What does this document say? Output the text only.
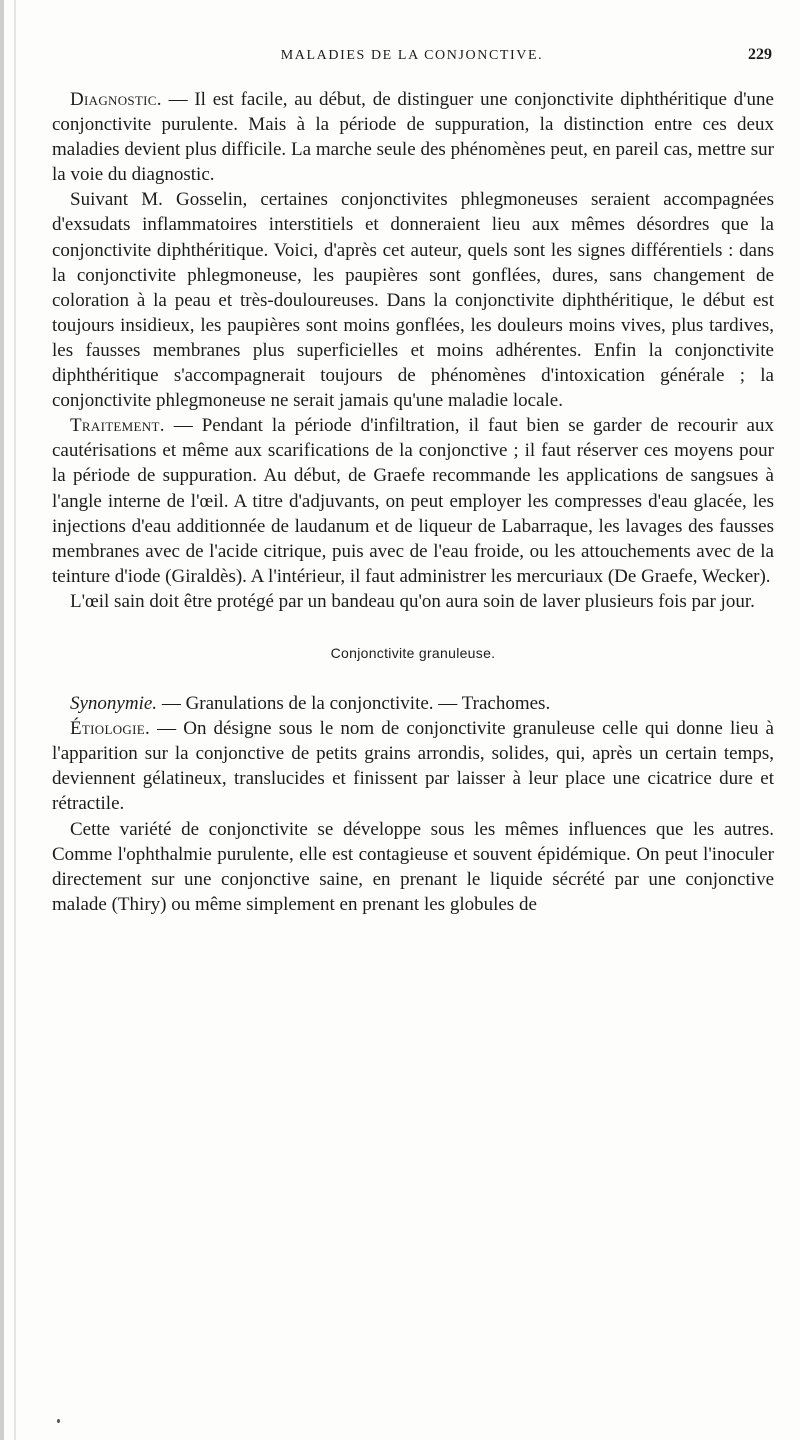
MALADIES DE LA CONJONCTIVE.	229

Diagnostic. — Il est facile, au début, de distinguer une conjonctivite diphthéritique d'une conjonctivite purulente. Mais à la période de suppuration, la distinction entre ces deux maladies devient plus difficile. La marche seule des phénomènes peut, en pareil cas, mettre sur la voie du diagnostic.

Suivant M. Gosselin, certaines conjonctivites phlegmoneuses seraient accompagnées d'exsudats inflammatoires interstitiels et donneraient lieu aux mêmes désordres que la conjonctivite diphthéritique. Voici, d'après cet auteur, quels sont les signes différentiels : dans la conjonctivite phlegmoneuse, les paupières sont gonflées, dures, sans changement de coloration à la peau et très-douloureuses. Dans la conjonctivite diphthéritique, le début est toujours insidieux, les paupières sont moins gonflées, les douleurs moins vives, plus tardives, les fausses membranes plus superficielles et moins adhérentes. Enfin la conjonctivite diphthéritique s'accompagnerait toujours de phénomènes d'intoxication générale ; la conjonctivite phlegmoneuse ne serait jamais qu'une maladie locale.

Traitement. — Pendant la période d'infiltration, il faut bien se garder de recourir aux cautérisations et même aux scarifications de la conjonctive ; il faut réserver ces moyens pour la période de suppuration. Au début, de Graefe recommande les applications de sangsues à l'angle interne de l'œil. A titre d'adjuvants, on peut employer les compresses d'eau glacée, les injections d'eau additionnée de laudanum et de liqueur de Labarraque, les lavages des fausses membranes avec de l'acide citrique, puis avec de l'eau froide, ou les attouchements avec de la teinture d'iode (Giraldès). A l'intérieur, il faut administrer les mercuriaux (De Graefe, Wecker).

L'œil sain doit être protégé par un bandeau qu'on aura soin de laver plusieurs fois par jour.

Conjonctivite granuleuse.

Synonymie. — Granulations de la conjonctivite. — Trachomes.

Étiologie. — On désigne sous le nom de conjonctivite granuleuse celle qui donne lieu à l'apparition sur la conjonctive de petits grains arrondis, solides, qui, après un certain temps, deviennent gélatineux, translucides et finissent par laisser à leur place une cicatrice dure et rétractile.

Cette variété de conjonctivite se développe sous les mêmes influences que les autres. Comme l'ophthalmie purulente, elle est contagieuse et souvent épidémique. On peut l'inoculer directement sur une conjonctive saine, en prenant le liquide sécrété par une conjonctive malade (Thiry) ou même simplement en prenant les globules de
